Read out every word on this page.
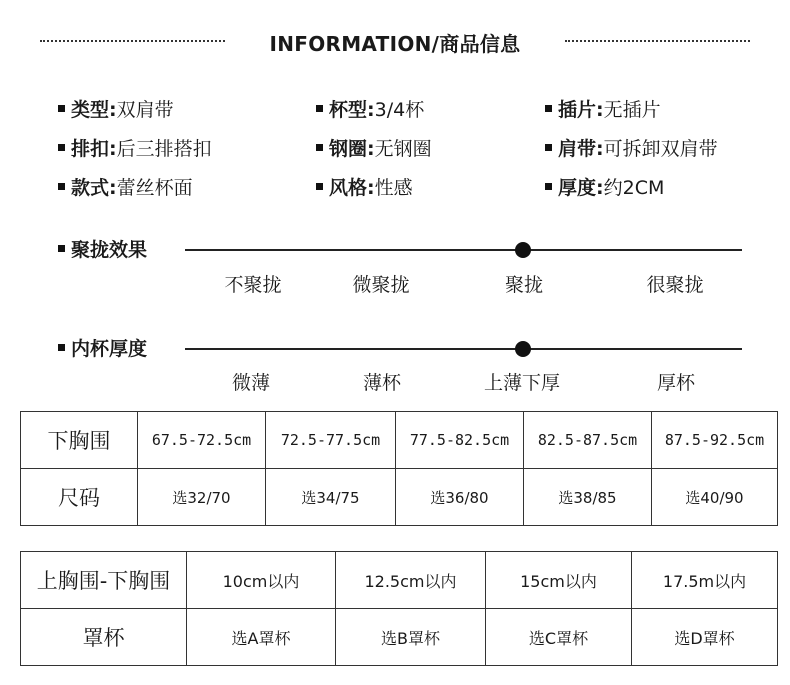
INFORMATION/商品信息
类型:双肩带	杯型:3/4杯	插片:无插片
排扣:后三排搭扣	钢圈:无钢圈	肩带:可拆卸双肩带
款式:蕾丝杯面	风格:性感	厚度:约2CM
聚拢效果
不聚拢	微聚拢	聚拢	很聚拢
内杯厚度
微薄	薄杯	上薄下厚	厚杯
下胸围	67.5-72.5cm	72.5-77.5cm	77.5-82.5cm	82.5-87.5cm	87.5-92.5cm
尺码	选32/70	选34/75	选36/80	选38/85	选40/90
上胸围-下胸围	10cm以内	12.5cm以内	15cm以内	17.5m以内
罩杯	选A罩杯	选B罩杯	选C罩杯	选D罩杯
